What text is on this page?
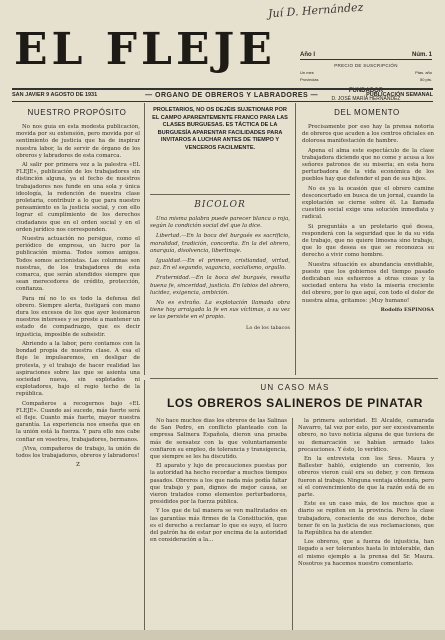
Juí D. Hernández
EL FLEJE	Año I	Núm. 1
PRECIO DE SUSCRIPCIÓN
Un mes	Ptas. año
Provincias	50 pts.
FUNDADOR
D. JOSÉ MARÍA HERNÁNDEZ
SAN JAVIER 9 AGOSTO DE 1931	— ORGANO DE OBREROS Y LABRADORES —	PUBLICACIÓN SEMANAL
NUESTRO PROPÓSITO

No nos guía en esta modesta publicación, movida por su extensión, pero movida por el sentimiento de justicia que ha de inspirar nuestra labor, la de servir de órgano de los obreros y labradores de esta comarca.

Al salir por primera vez a la palestra «EL FLEJE», publicación de los trabajadores sin distinción alguna, ya el fecho de nuestros trabajadores nos funde en una sola y única ideología, la redención de nuestra clase proletaria, contribuir a lo que para nuestro pensamiento es la justicia social, y con ello lograr el cumplimiento de los derechos ciudadanos que en el orden social y en el orden jurídico nos corresponden.

Nuestra actuación no persigue, como el periódico de empresa, un lucro por la publicación misma. Todos somos amigos. Todos somos accionistas. Las columnas son nuestras, de los trabajadores de esta comarca, que serán atendidos siempre que sean merecedores de crédito, protección, confianza.

Para mí no lo es todo la defensa del obrero. Siempre alerta, fustigará con mano dura los excesos de los que ayer lesionaron nuestros intereses y se preste a mantener un estado de compadrazgo, que es decir injusticia, imposible de subsistir.

Abriendo a la labor, pero contamos con la bondad propia de nuestra clase. A esa el fleje le impulsaremos, en desligar de protesta, y el trabajo de hacer realidad las aspiraciones sobre las que se asienta una sociedad nueva, sin explotados ni explotadores, bajo el regio techo de la república.

Compañeros a recogernos bajo «EL FLEJE». Cuando así sucede, más fuerte será el fleje. Cuanto más fuerte, mayor nuestra garantía. La experiencia nos enseña que en la unión está la fuerza. Y para ello nos cabe confiar en vosotros, trabajadores, hermanos.

¡Viva, compañeros de trabajo, la unión de todos los trabajadores, obreros y labradores!

Z

PROLETARIOS, NO OS DEJÉIS SUJETIONAR POR EL CAMPO APARENTEMENTE FRANCO PARA LAS CLASES BURGUESAS. ES TÁCTICA DE LA BURGUESÍA APARENTAR FACILIDADES PARA INVITAROS A LUCHAR ANTES DE TIEMPO Y VENCEROS FACILMENTE.
BICOLOR

Una misma palabra puede parecer blanca o roja, según la condición social del que la dice.

Libertad.—En la boca del burgués es sacrificio, moralidad, tradición, concordia. En la del obrero, anarquía, disolvencia, libertinaje.

Igualdad.—En el primero, cristiandad, virtud, paz. En el segundo, vagancia, socialismo, orgullo.

Fraternidad.—En la boca del burgués, resulta buena fe, sinceridad, justicia. En labios del obrero, lucidez, exigencia, ambición.

No es extraño. La explotación llamada obra tiene hoy arraigada la fe en sus víctimas, a su vez se las persiste en el propio.

Lo de los tabacos
DEL MOMENTO

Precisamente por eso hay la prensa notoria de obreros que acuden a los centros oficiales en dolorosa manifestación de hambre.

Apena el alma este espectáculo de la clase trabajadora diciendo que no come y acusa a los señores patronos de su miseria; en esta hora perturbadora de la vida económica de los pueblos hay que defender el pan de sus hijos.

No es ya la ocasión que el obrero camine desconcertado en busca de un jornal, cuando la explotación se cierne sobre él. La llamada cuestión social exige una solución inmediata y radical.

Si preguntáis a un proletario qué desea, responderá con la seguridad que le da su vida de trabajo, que no quiere limosna sino trabajo, que lo que desea es que se reconozca su derecho a vivir como hombre.

Nuestra situación es abundancia envidiable, puesto que los gobiernos del tiempo pasado dedicaban sus esfuerzos a otras cosas y la sociedad entera ha visto la miseria creciente del obrero, por lo que aquí, con todo el dolor de nuestra alma, gritamos: ¡Muy humano!

Rodolfo ESPINOSA
UN CASO MÁS
LOS OBREROS SALINEROS DE PINATAR

No hace muchos días los obreros de las Salinas de San Pedro, en conflicto planteado con la empresa Salinera Española, dieron una prueba más de sensatez con la que voluntariamente confiaron su empleo, de tolerancia y transigencia, que siempre se les ha discutido.

El aparato y lujo de precauciones puestas por la autoridad ha hecho recordar a muchos tiempos pasados. Obreros a los que nada más podía faltar que trabajo y pan, dignos de mejor causa, se vieron tratados como elementos perturbadores, presididos por la fuerza pública.

Y los que de tal manera se ven maltratados en las garantías más firmes de la Constitución, que es el derecho a reclamar lo que es suyo, el lucro del patrón ha de estar por encima de la autoridad en consideración a la...

la primera autoridad. El Alcalde, camarada Navarro, tal vez por esto, por ser excesivamente obrero, no tuvo noticia alguna de que tuviera de su demarcación se habían armado tales precauciones. Y ésto, lo verídico.

En la entrevista con los Sres. Maura y Ballester habló, exigiendo un convenio, los obreros vieron cuál era su deber, y con firmeza fueron al trabajo. Ninguna ventaja obtenida, pero sí el convencimiento de que la razón está de su parte.

Este es un caso más, de los muchos que a diario se repiten en la provincia. Pero la clase trabajadora, consciente de sus derechos, debe tener fe en la justicia de sus reclamaciones, que la República ha de atender.

Los obreros, que a fuerza de injusticia, han llegado a ser tolerantes hasta lo intolerable, dan el mismo ejemplo a la prensa del Sr. Maura. Nosotros ya hacemos nuestro comentario.
